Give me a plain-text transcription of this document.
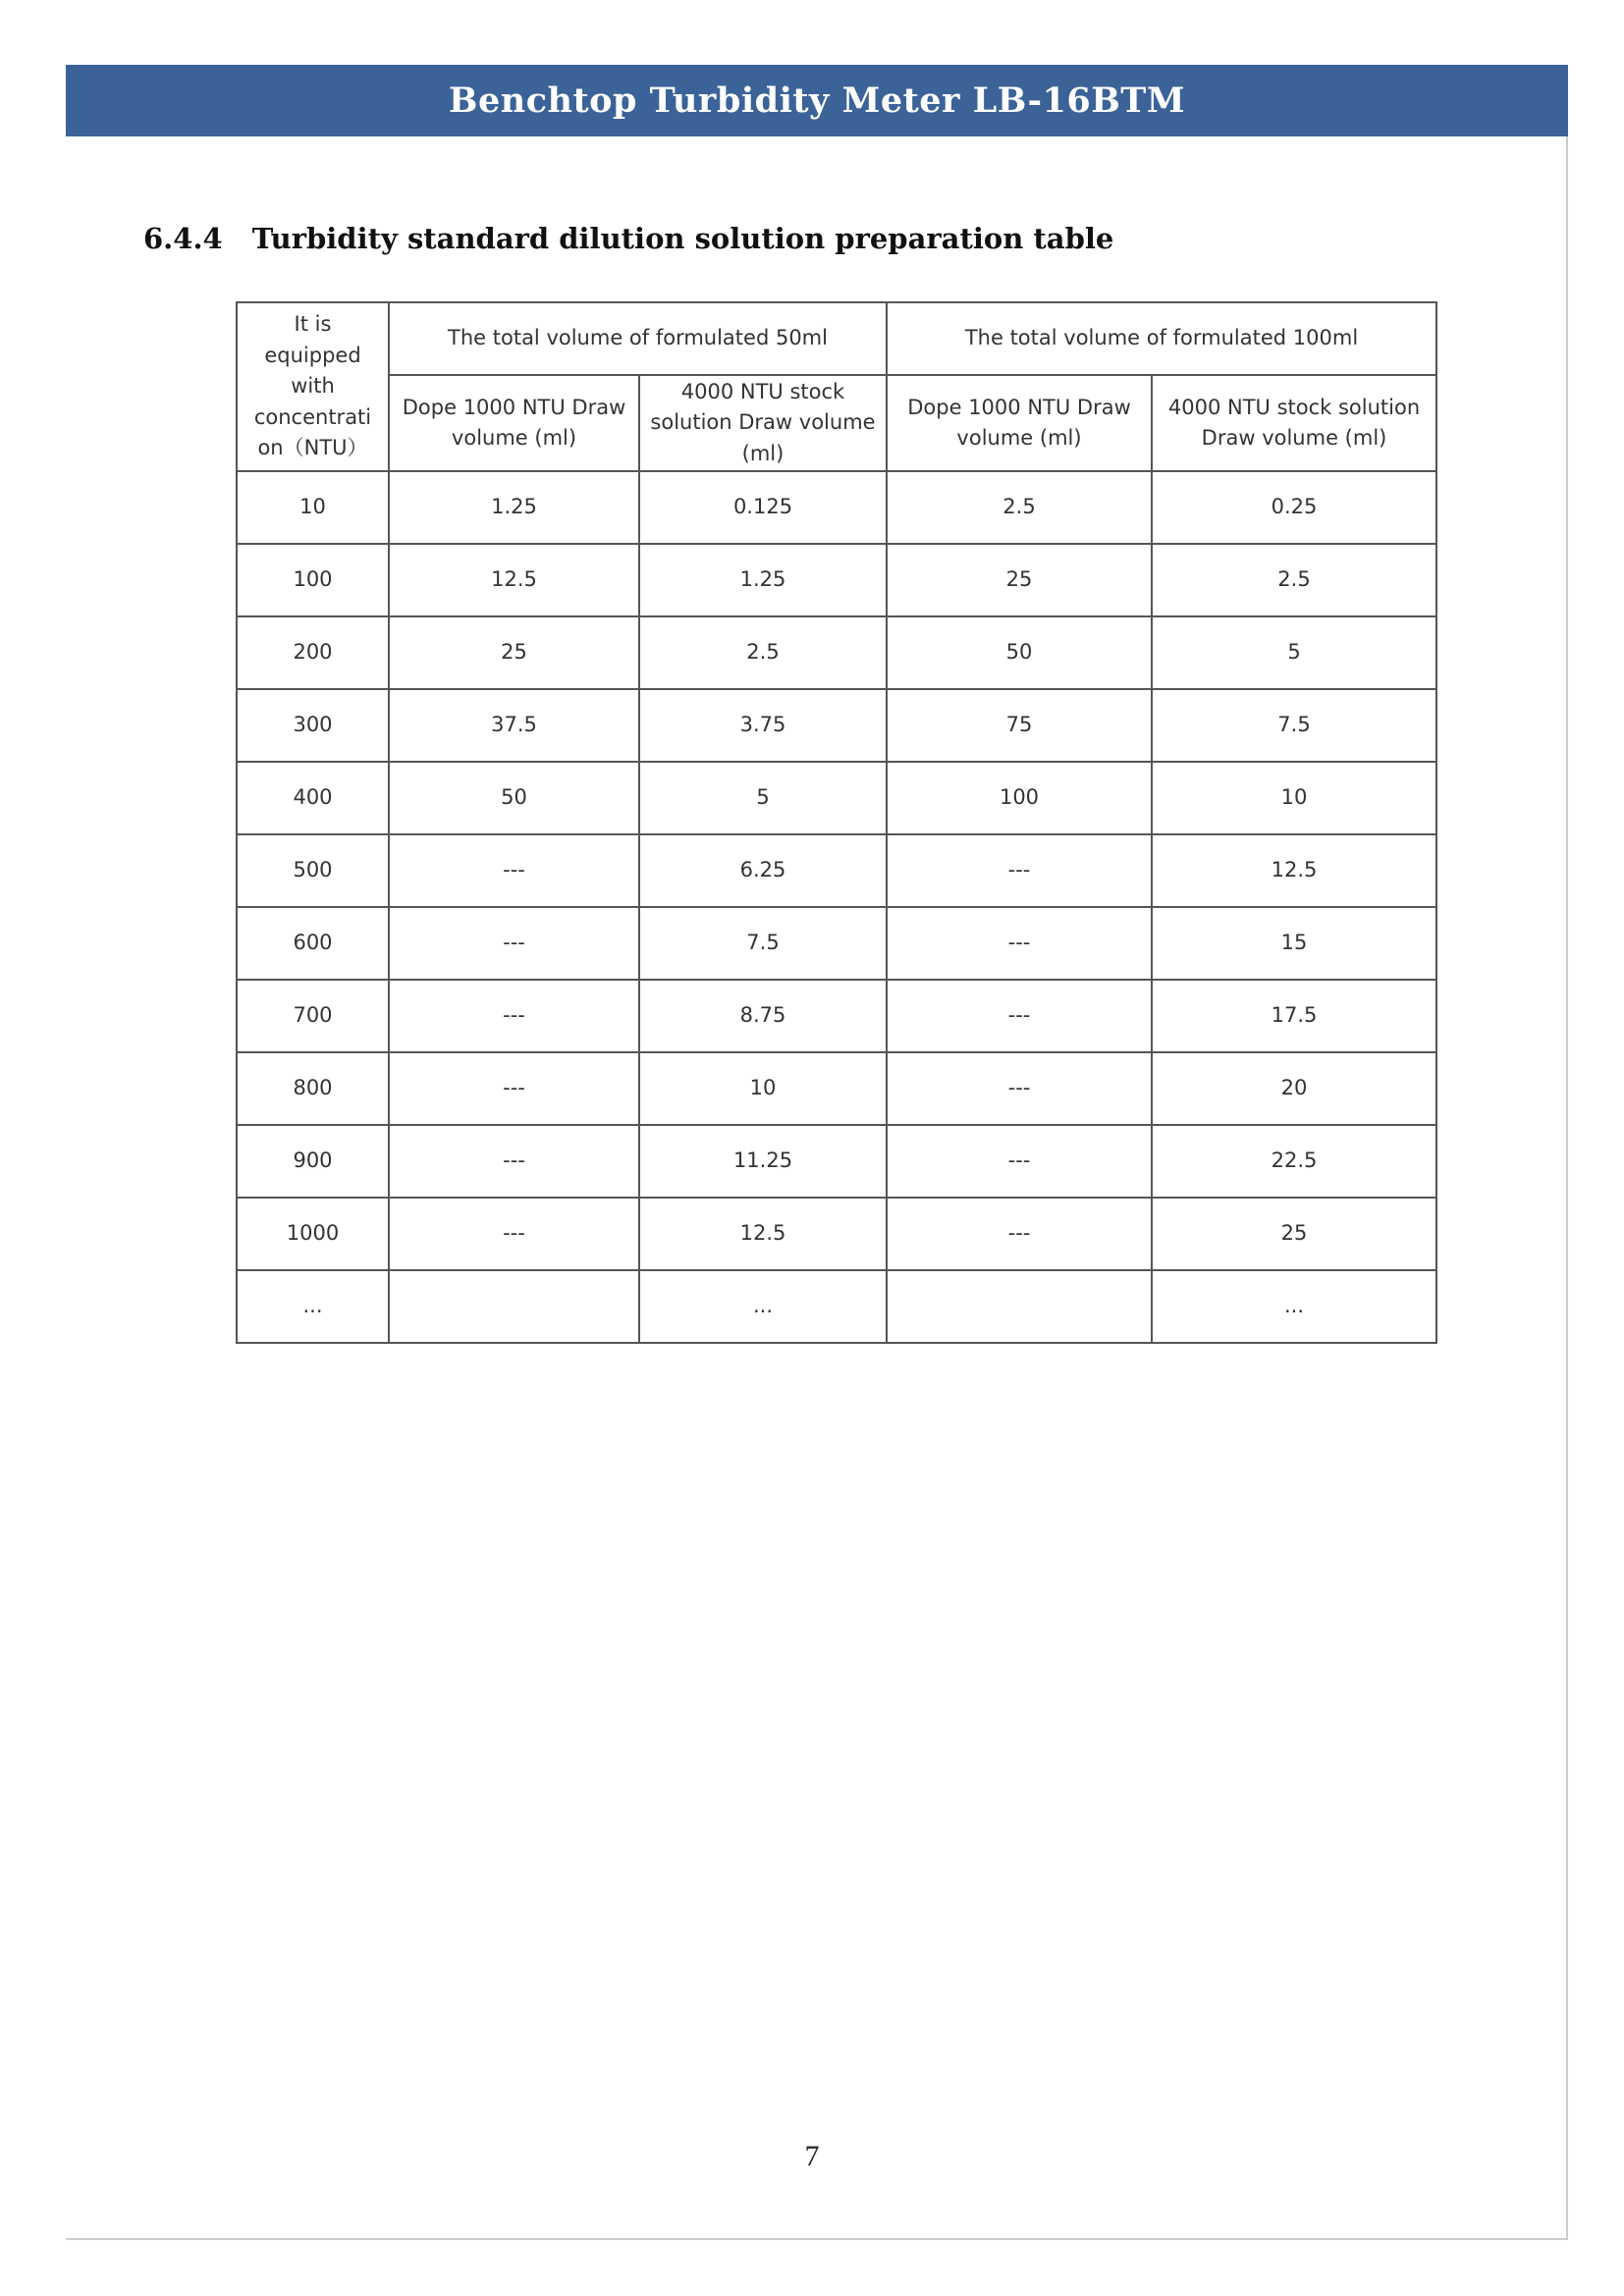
Benchtop Turbidity Meter LB-16BTM
6.4.4 Turbidity standard dilution solution preparation table
It is equipped with concentrati on（NTU）	The total volume of formulated 50ml		The total volume of formulated 100ml	
	Dope 1000 NTU Draw volume (ml)	4000 NTU stock solution Draw volume (ml)	Dope 1000 NTU Draw volume (ml)	4000 NTU stock solution Draw volume (ml)
10	1.25	0.125	2.5	0.25
100	12.5	1.25	25	2.5
200	25	2.5	50	5
300	37.5	3.75	75	7.5
400	50	5	100	10
500	---	6.25	---	12.5
600	---	7.5	---	15
700	---	8.75	---	17.5
800	---	10	---	20
900	---	11.25	---	22.5
1000	---	12.5	---	25
...		...		...
7
